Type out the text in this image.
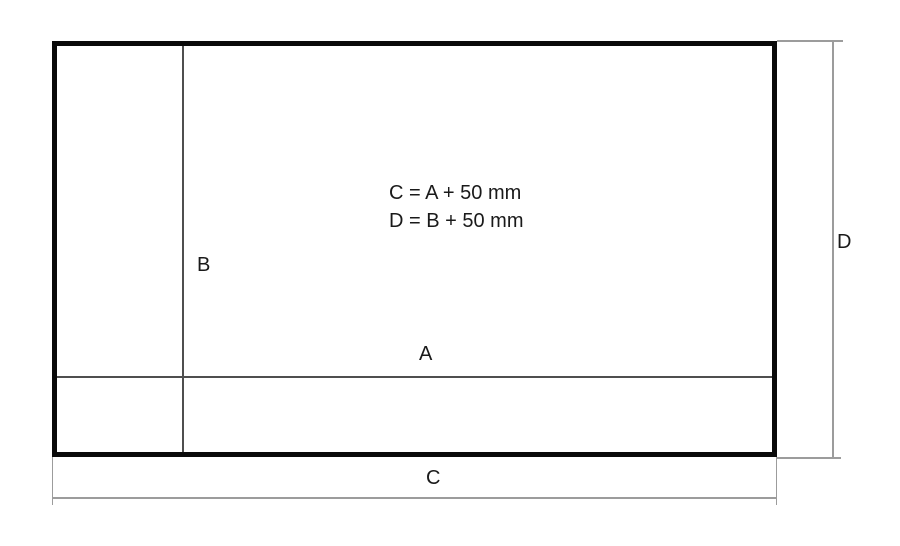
C = A + 50 mm
D = B + 50 mm
B
A
D
C
